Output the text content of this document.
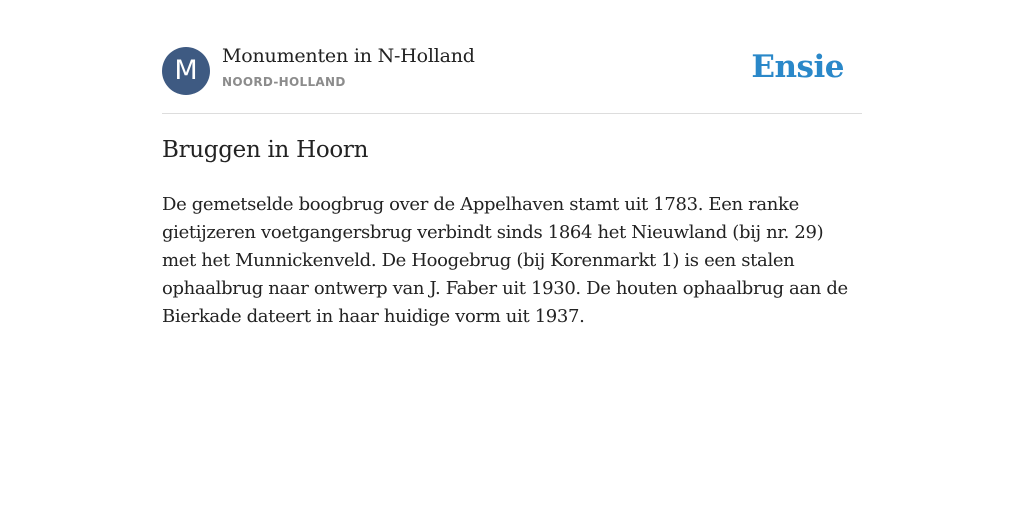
M	Monumenten in N-Holland
NOORD-HOLLAND	Ensie
Bruggen in Hoorn

De gemetselde boogbrug over de Appelhaven stamt uit 1783. Een ranke gietijzeren voetgangersbrug verbindt sinds 1864 het Nieuwland (bij nr. 29) met het Munnickenveld. De Hoogebrug (bij Korenmarkt 1) is een stalen ophaalbrug naar ontwerp van J. Faber uit 1930. De houten ophaalbrug aan de Bierkade dateert in haar huidige vorm uit 1937.
